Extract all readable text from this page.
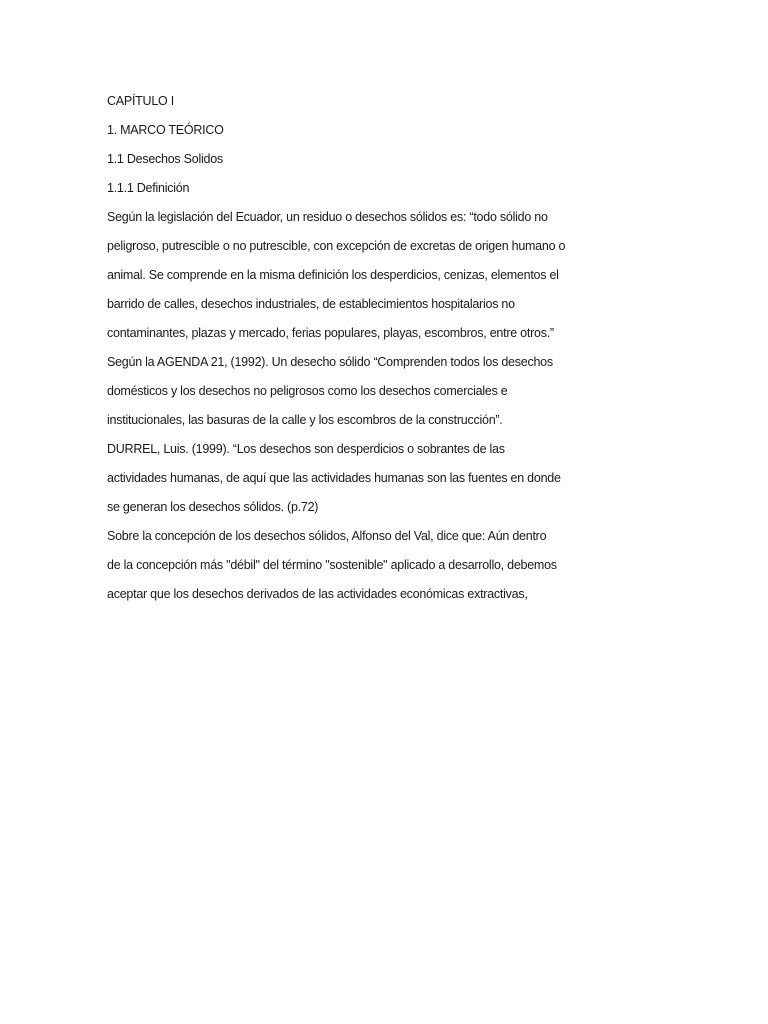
CAPÍTULO I
1. MARCO TEÓRICO
1.1 Desechos Solidos
1.1.1 Definición
Según la legislación del Ecuador, un residuo o desechos sólidos es: “todo sólido no
peligroso, putrescible o no putrescible, con excepción de excretas de origen humano o
animal. Se comprende en la misma definición los desperdicios, cenizas, elementos el
barrido de calles, desechos industriales, de establecimientos hospitalarios no
contaminantes, plazas y mercado, ferias populares, playas, escombros, entre otros.”
Según la AGENDA 21, (1992). Un desecho sólido “Comprenden todos los desechos
domésticos y los desechos no peligrosos como los desechos comerciales e
institucionales, las basuras de la calle y los escombros de la construcción”.
DURREL, Luis. (1999). “Los desechos son desperdicios o sobrantes de las
actividades humanas, de aquí que las actividades humanas son las fuentes en donde
se generan los desechos sólidos. (p.72)
Sobre la concepción de los desechos sólidos, Alfonso del Val, dice que: Aún dentro
de la concepción más "débil" del término "sostenible" aplicado a desarrollo, debemos
aceptar que los desechos derivados de las actividades económicas extractivas,
